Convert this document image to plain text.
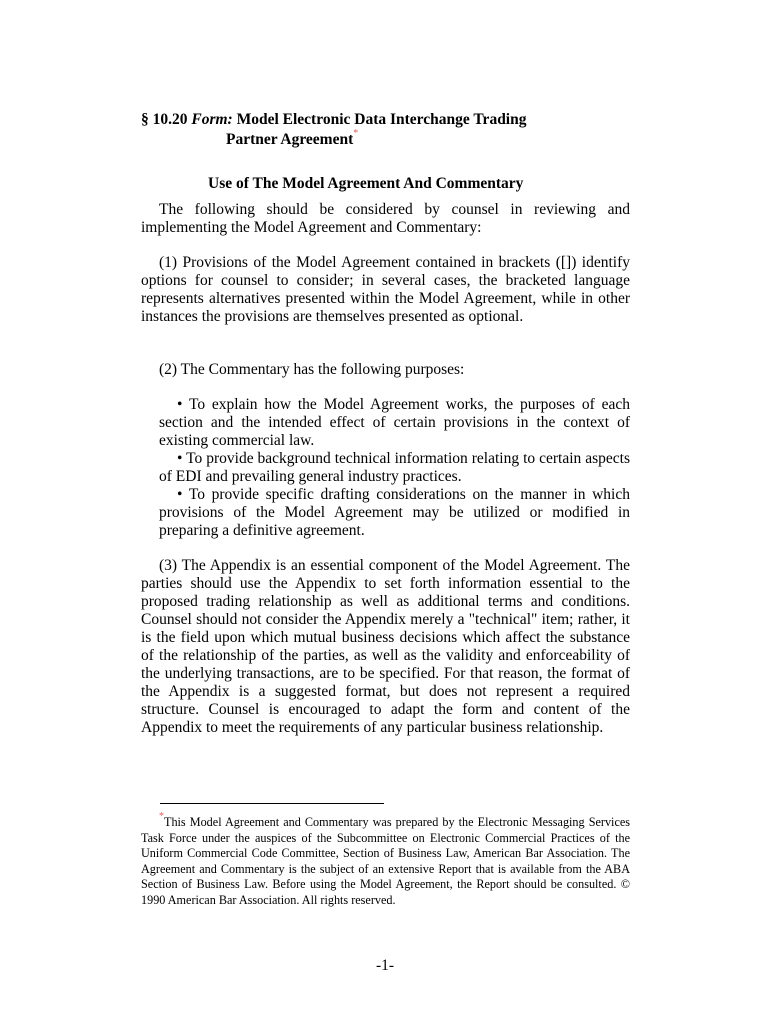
§ 10.20 Form: Model Electronic Data Interchange Trading
Partner Agreement*
Use of The Model Agreement And Commentary

The following should be considered by counsel in reviewing and implementing the Model Agreement and Commentary:

(1) Provisions of the Model Agreement contained in brackets ([]) identify options for counsel to consider; in several cases, the bracketed language represents alternatives presented within the Model Agreement, while in other instances the provisions are themselves presented as optional.

(2) The Commentary has the following purposes:

• To explain how the Model Agreement works, the purposes of each section and the intended effect of certain provisions in the context of existing commercial law.

• To provide background technical information relating to certain aspects of EDI and prevailing general industry practices.

• To provide specific drafting considerations on the manner in which provisions of the Model Agreement may be utilized or modified in preparing a definitive agreement.

(3) The Appendix is an essential component of the Model Agreement. The parties should use the Appendix to set forth information essential to the proposed trading relationship as well as additional terms and conditions. Counsel should not consider the Appendix merely a "technical" item; rather, it is the field upon which mutual business decisions which affect the substance of the relationship of the parties, as well as the validity and enforceability of the underlying transactions, are to be specified. For that reason, the format of the Appendix is a suggested format, but does not represent a required structure. Counsel is encouraged to adapt the form and content of the Appendix to meet the requirements of any particular business relationship.

*This Model Agreement and Commentary was prepared by the Electronic Messaging Services Task Force under the auspices of the Subcommittee on Electronic Commercial Practices of the Uniform Commercial Code Committee, Section of Business Law, American Bar Association. The Agreement and Commentary is the subject of an extensive Report that is available from the ABA Section of Business Law. Before using the Model Agreement, the Report should be consulted. © 1990 American Bar Association. All rights reserved.

-1-
